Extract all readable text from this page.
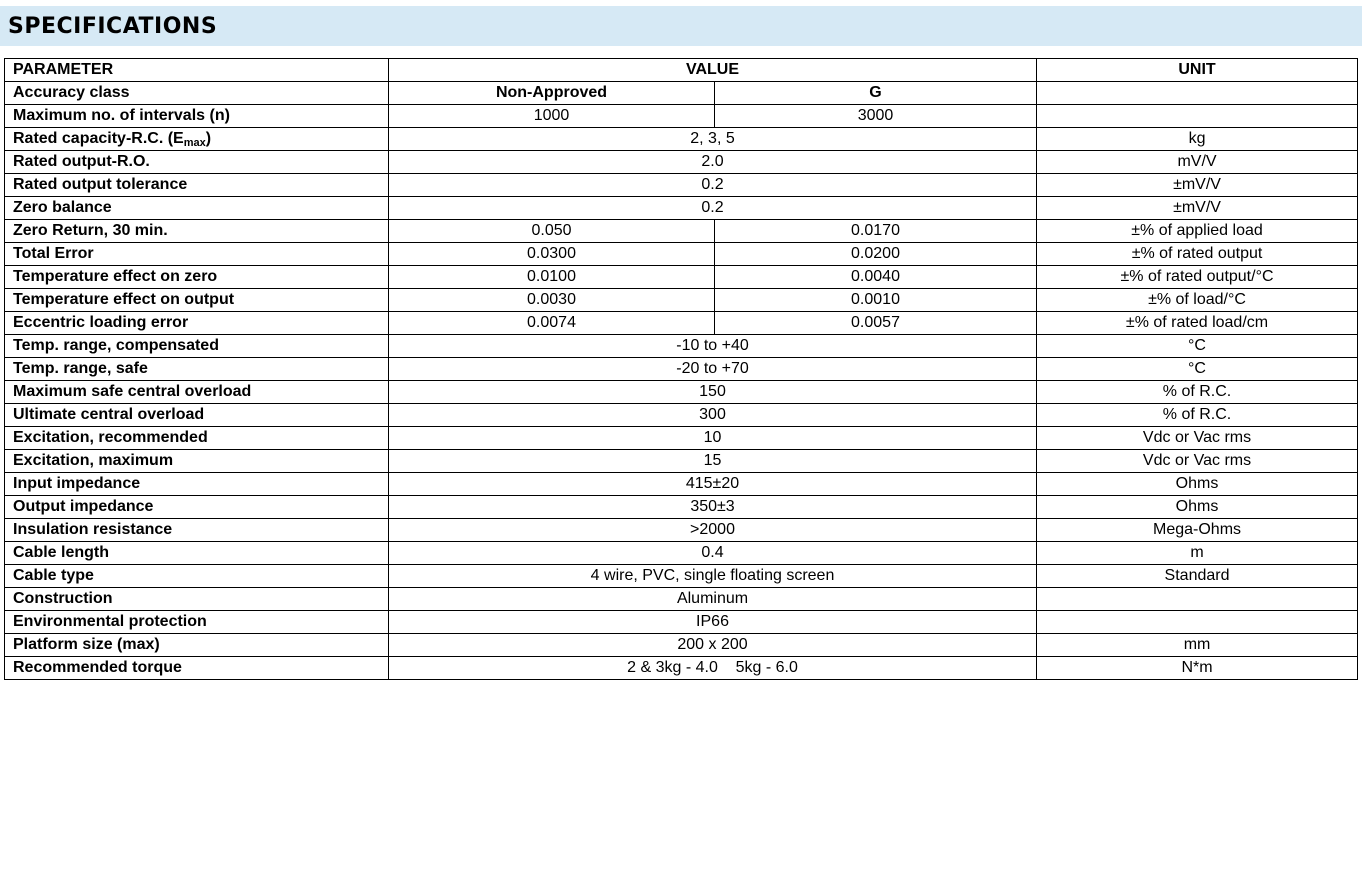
SPECIFICATIONS
PARAMETER	VALUE		UNIT
Accuracy class	Non-Approved	G	
Maximum no. of intervals (n)	1000	3000	
Rated capacity-R.C. $(E_{max})$	2, 3, 5		kg
Rated output-R.O.	2.0		mV/V
Rated output tolerance	0.2		±mV/V
Zero balance	0.2		±mV/V
Zero Return, 30 min.	0.050	0.0170	±% of applied load
Total Error	0.0300	0.0200	±% of rated output
Temperature effect on zero	0.0100	0.0040	±% of rated output/°C
Temperature effect on output	0.0030	0.0010	±% of load/°C
Eccentric loading error	0.0074	0.0057	±% of rated load/cm
Temp. range, compensated	-10 to +40		°C
Temp. range, safe	-20 to +70		°C
Maximum safe central overload	150		% of R.C.
Ultimate central overload	300		% of R.C.
Excitation, recommended	10		Vdc or Vac rms
Excitation, maximum	15		Vdc or Vac rms
Input impedance	415±20		Ohms
Output impedance	350±3		Ohms
Insulation resistance	>2000		Mega-Ohms
Cable length	0.4		m
Cable type	4 wire, PVC, single floating screen		Standard
Construction	Aluminum		
Environmental protection	IP66		
Platform size (max)	200 x 200		mm
Recommended torque	2 & 3kg - 4.0    5kg - 6.0		N*m
